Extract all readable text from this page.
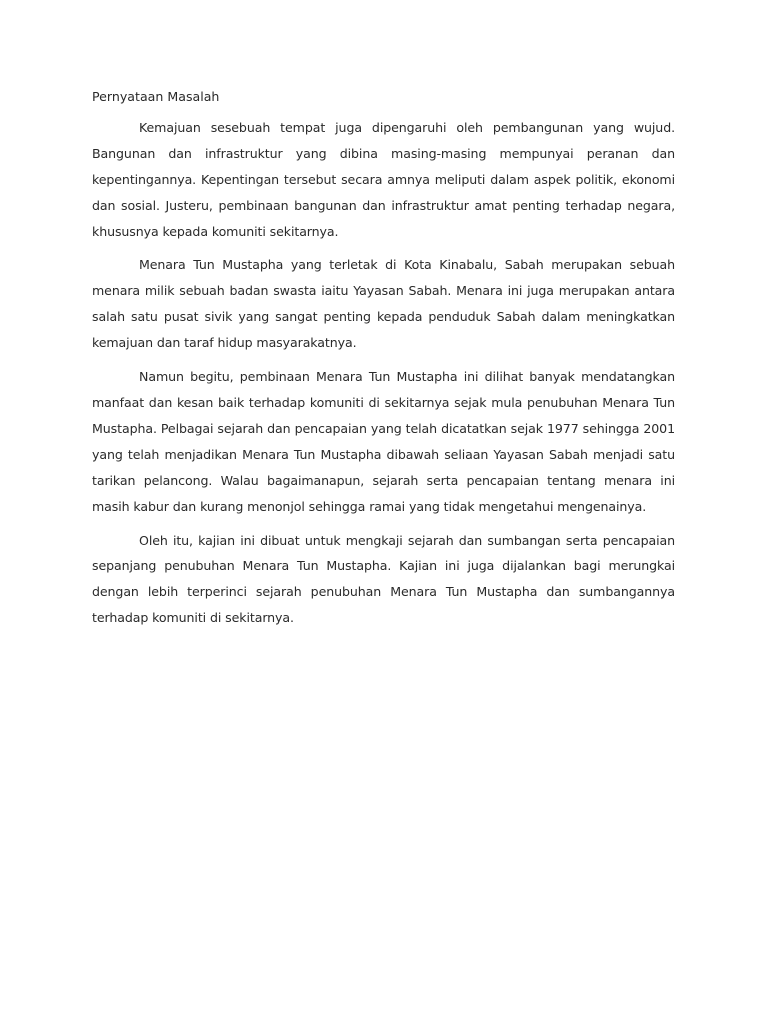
Pernyataan Masalah

Kemajuan sesebuah tempat juga dipengaruhi oleh pembangunan yang wujud. Bangunan dan infrastruktur yang dibina masing-masing mempunyai peranan dan kepentingannya. Kepentingan tersebut secara amnya meliputi dalam aspek politik, ekonomi dan sosial. Justeru, pembinaan bangunan dan infrastruktur amat penting terhadap negara, khususnya kepada komuniti sekitarnya.

Menara Tun Mustapha yang terletak di Kota Kinabalu, Sabah merupakan sebuah menara milik sebuah badan swasta iaitu Yayasan Sabah. Menara ini juga merupakan antara salah satu pusat sivik yang sangat penting kepada penduduk Sabah dalam meningkatkan kemajuan dan taraf hidup masyarakatnya.

Namun begitu, pembinaan Menara Tun Mustapha ini dilihat banyak mendatangkan manfaat dan kesan baik terhadap komuniti di sekitarnya sejak mula penubuhan Menara Tun Mustapha. Pelbagai sejarah dan pencapaian yang telah dicatatkan sejak 1977 sehingga 2001 yang telah menjadikan Menara Tun Mustapha dibawah seliaan Yayasan Sabah menjadi satu tarikan pelancong. Walau bagaimanapun, sejarah serta pencapaian tentang menara ini masih kabur dan kurang menonjol sehingga ramai yang tidak mengetahui mengenainya.

Oleh itu, kajian ini dibuat untuk mengkaji sejarah dan sumbangan serta pencapaian sepanjang penubuhan Menara Tun Mustapha. Kajian ini juga dijalankan bagi merungkai dengan lebih terperinci sejarah penubuhan Menara Tun Mustapha dan sumbangannya terhadap komuniti di sekitarnya.
